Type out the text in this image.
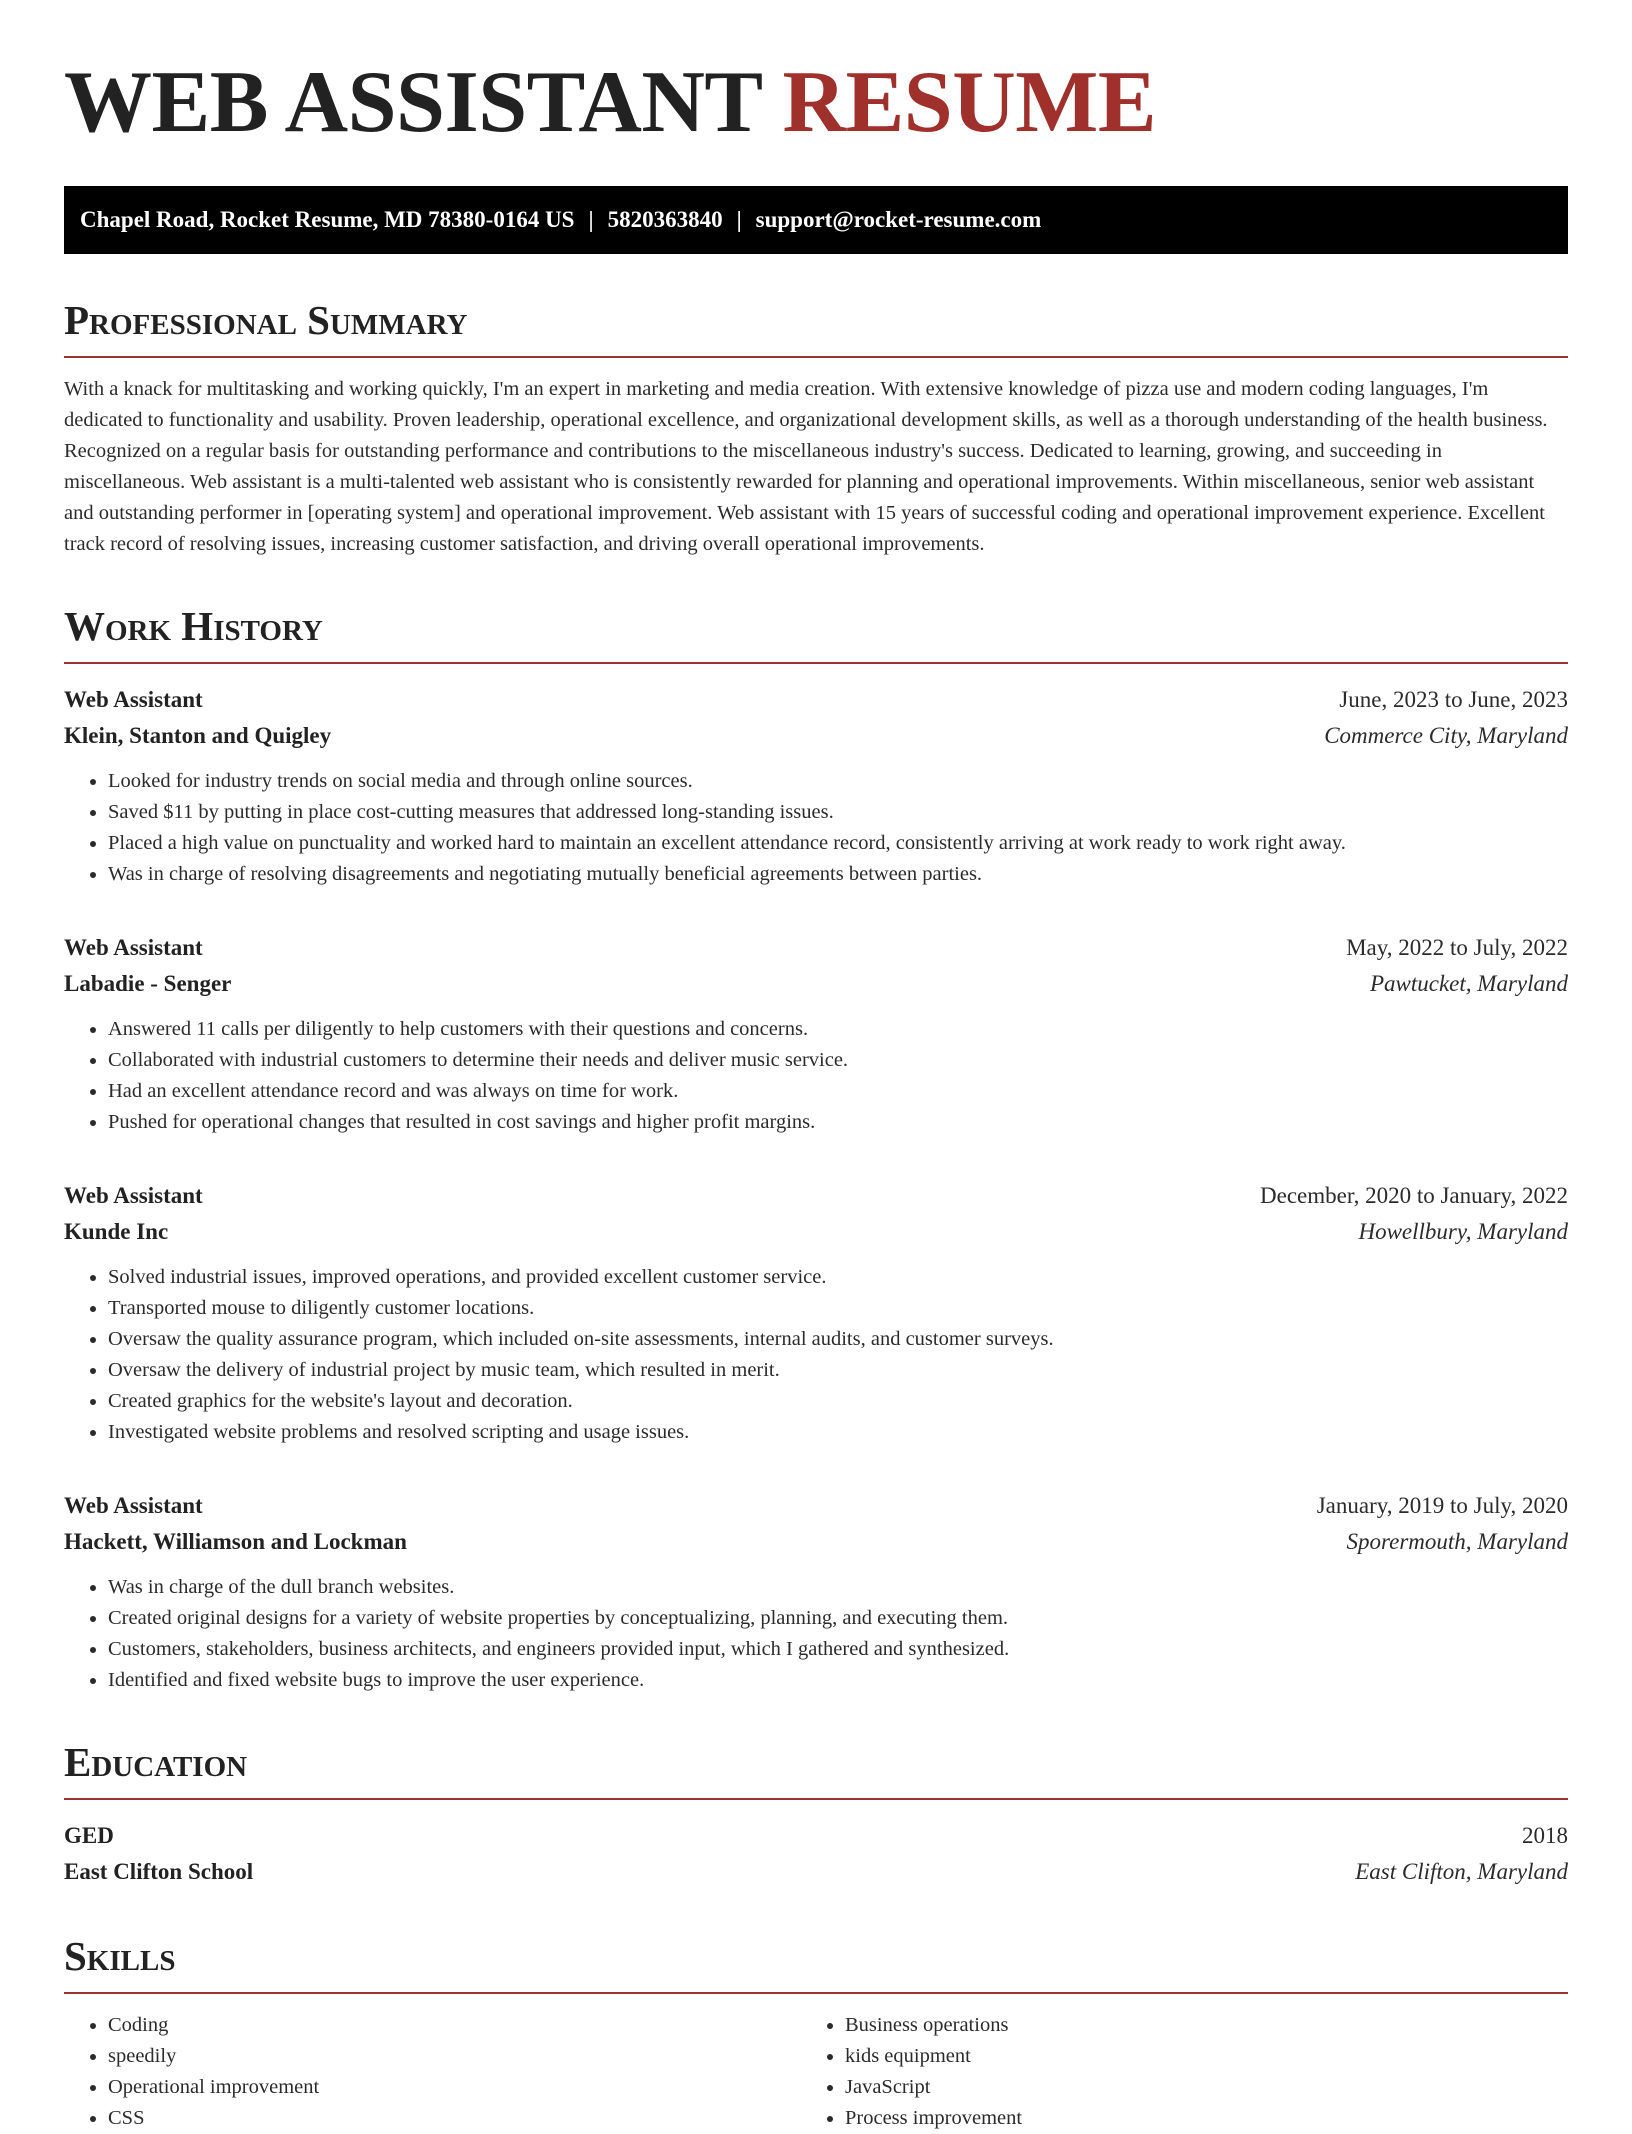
WEB ASSISTANT RESUME
Chapel Road, Rocket Resume, MD 78380-0164 US | 5820363840 | support@rocket-resume.com
Professional Summary

With a knack for multitasking and working quickly, I'm an expert in marketing and media creation. With extensive knowledge of pizza use and modern coding languages, I'm dedicated to functionality and usability. Proven leadership, operational excellence, and organizational development skills, as well as a thorough understanding of the health business. Recognized on a regular basis for outstanding performance and contributions to the miscellaneous industry's success. Dedicated to learning, growing, and succeeding in miscellaneous. Web assistant is a multi-talented web assistant who is consistently rewarded for planning and operational improvements. Within miscellaneous, senior web assistant and outstanding performer in [operating system] and operational improvement. Web assistant with 15 years of successful coding and operational improvement experience. Excellent track record of resolving issues, increasing customer satisfaction, and driving overall operational improvements.

Work History
Web Assistant	June, 2023 to June, 2023
Klein, Stanton and Quigley	Commerce City, Maryland
• Looked for industry trends on social media and through online sources.
• Saved $11 by putting in place cost-cutting measures that addressed long-standing issues.
• Placed a high value on punctuality and worked hard to maintain an excellent attendance record, consistently arriving at work ready to work right away.
• Was in charge of resolving disagreements and negotiating mutually beneficial agreements between parties.
Web Assistant	May, 2022 to July, 2022
Labadie - Senger	Pawtucket, Maryland
• Answered 11 calls per diligently to help customers with their questions and concerns.
• Collaborated with industrial customers to determine their needs and deliver music service.
• Had an excellent attendance record and was always on time for work.
• Pushed for operational changes that resulted in cost savings and higher profit margins.
Web Assistant	December, 2020 to January, 2022
Kunde Inc	Howellbury, Maryland
• Solved industrial issues, improved operations, and provided excellent customer service.
• Transported mouse to diligently customer locations.
• Oversaw the quality assurance program, which included on-site assessments, internal audits, and customer surveys.
• Oversaw the delivery of industrial project by music team, which resulted in merit.
• Created graphics for the website's layout and decoration.
• Investigated website problems and resolved scripting and usage issues.
Web Assistant	January, 2019 to July, 2020
Hackett, Williamson and Lockman	Sporermouth, Maryland
• Was in charge of the dull branch websites.
• Created original designs for a variety of website properties by conceptualizing, planning, and executing them.
• Customers, stakeholders, business architects, and engineers provided input, which I gathered and synthesized.
• Identified and fixed website bugs to improve the user experience.
Education
GED	2018
East Clifton School	East Clifton, Maryland
Skills
• Coding
• speedily
• Operational improvement
• CSS
• Business operations
• kids equipment
• JavaScript
• Process improvement
